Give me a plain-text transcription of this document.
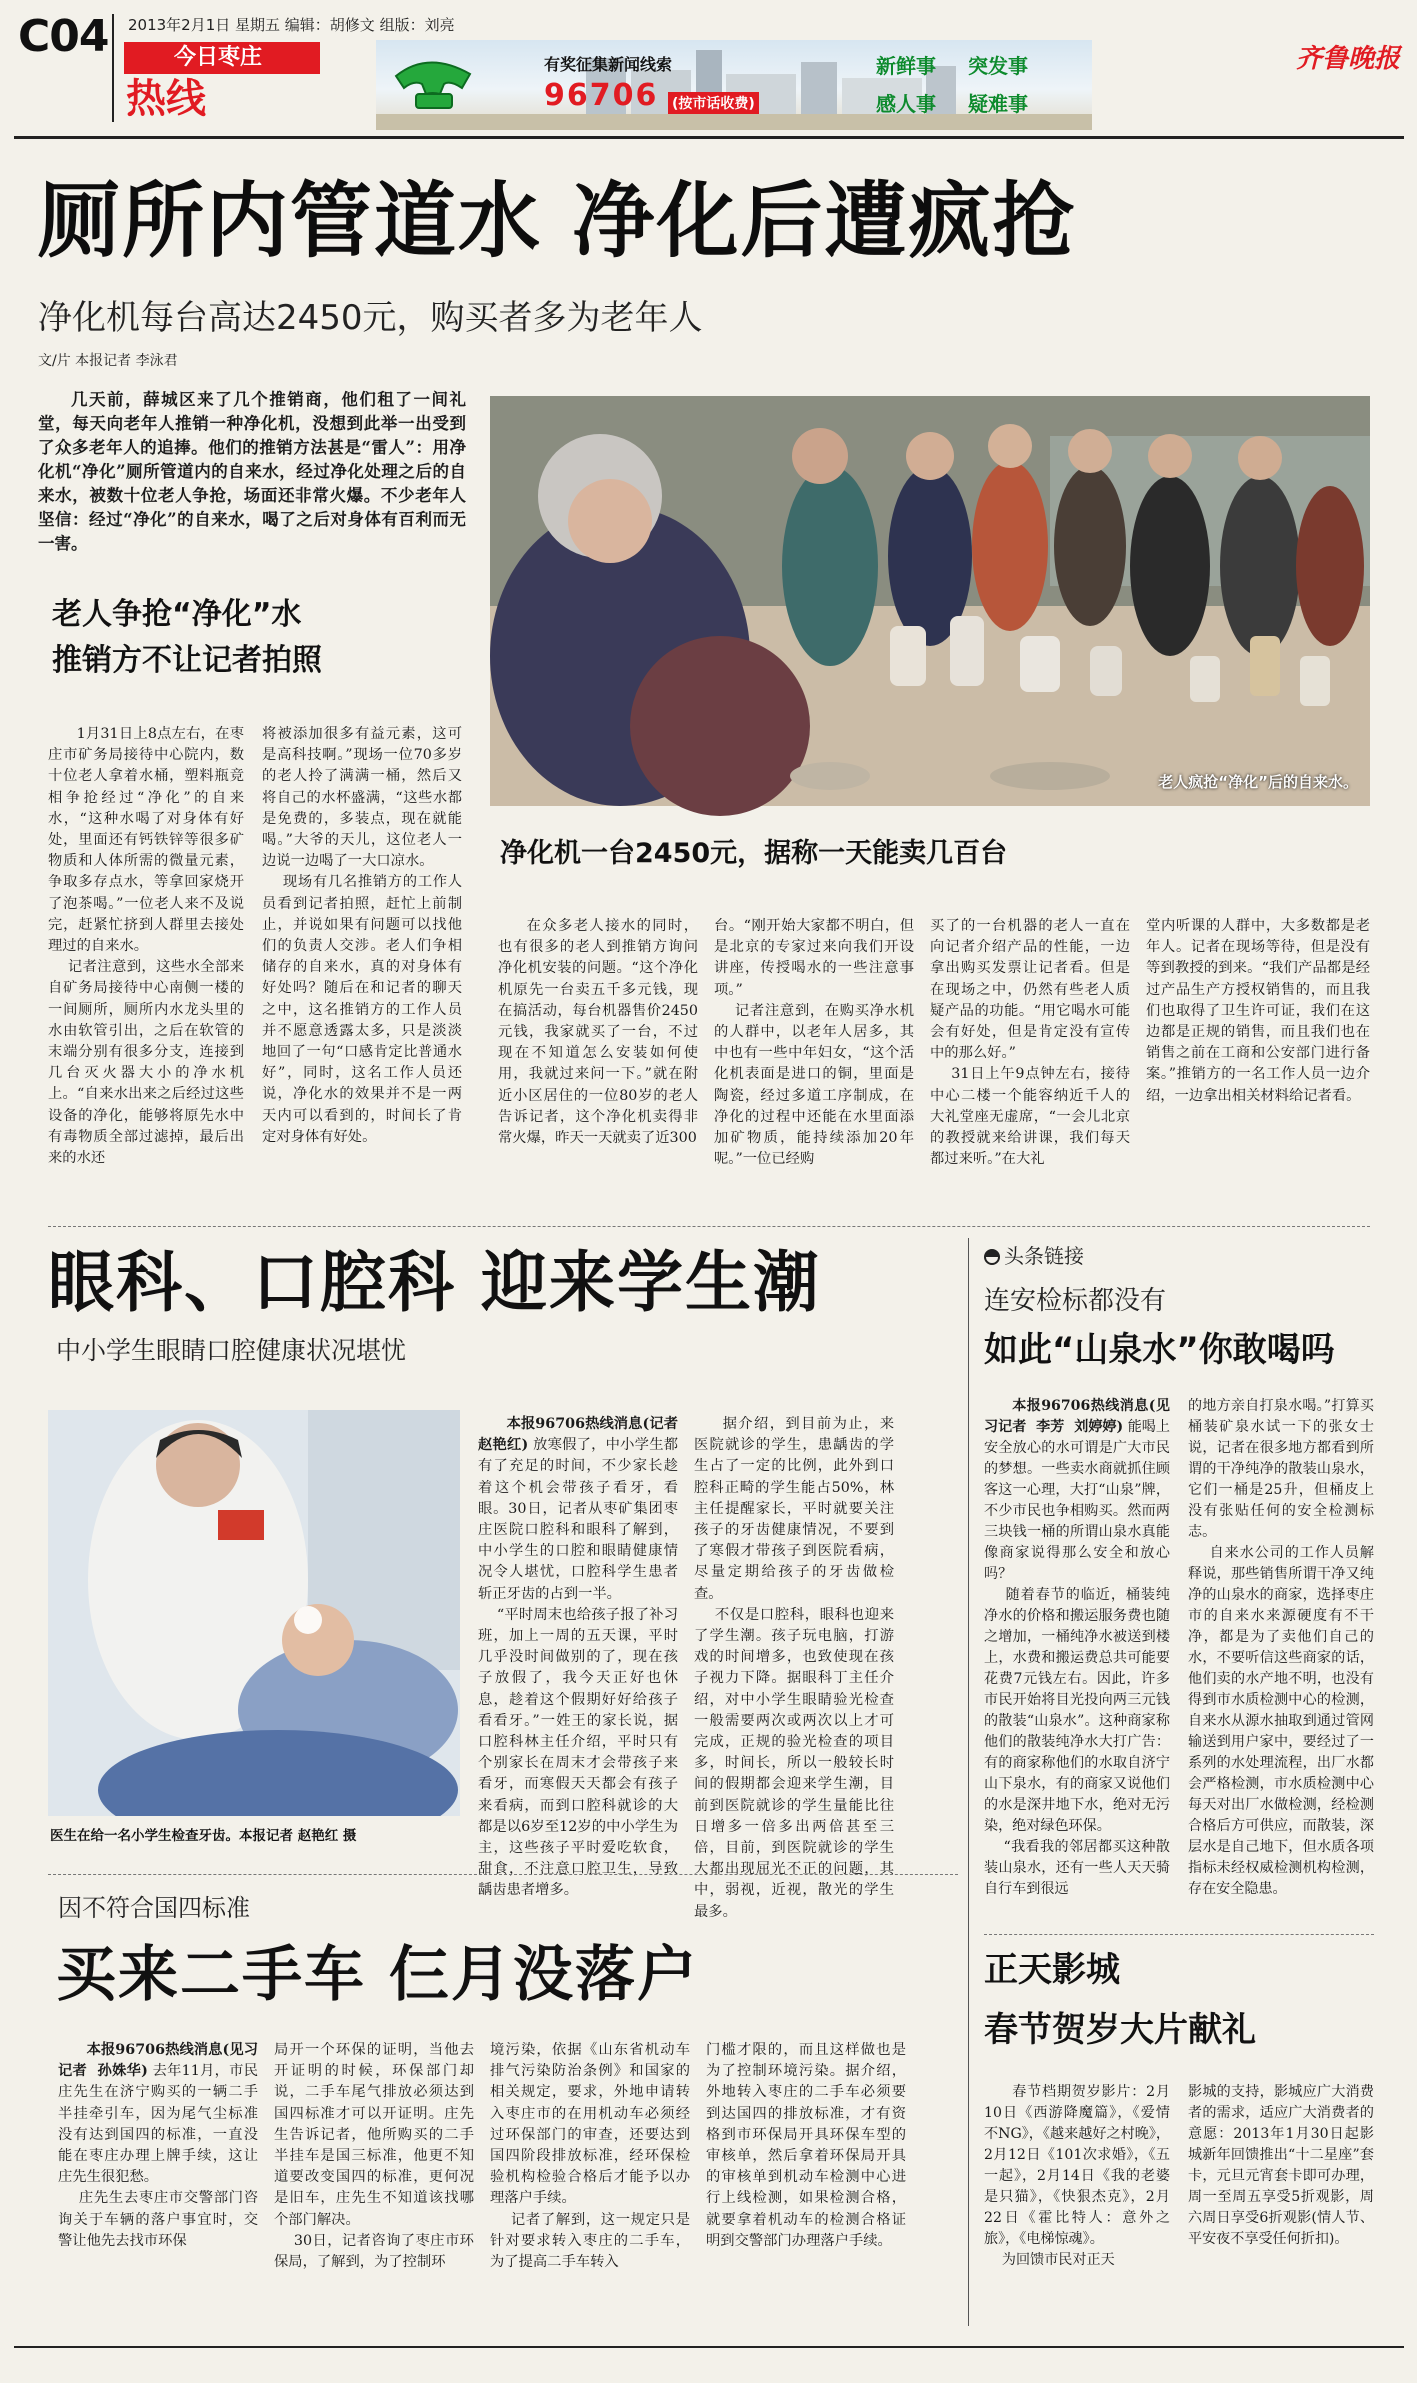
C04 2013年2月1日 星期五 编辑：胡修文 组版：刘亮
今日枣庄
热线
有奖征集新闻线索
96706 (按市话收费)
新鲜事 突发事
感人事 疑难事
齐鲁晚报
厕所内管道水 净化后遭疯抢
净化机每台高达2450元，购买者多为老年人
文/片 本报记者 李泳君
几天前，薛城区来了几个推销商，他们租了一间礼堂，每天向老年人推销一种净化机，没想到此举一出受到了众多老年人的追捧。他们的推销方法甚是“雷人”：用净化机“净化”厕所管道内的自来水，经过净化处理之后的自来水，被数十位老人争抢，场面还非常火爆。不少老年人坚信：经过“净化”的自来水，喝了之后对身体有百利而无一害。
老人争抢“净化”水
推销方不让记者拍照
1月31日上8点左右，在枣庄市矿务局接待中心院内，数十位老人拿着水桶，塑料瓶竞相争抢经过“净化”的自来水，“这种水喝了对身体有好处，里面还有钙铁锌等很多矿物质和人体所需的微量元素，争取多存点水，等拿回家烧开了泡茶喝。”一位老人来不及说完，赶紧忙挤到人群里去接处理过的自来水。
记者注意到，这些水全部来自矿务局接待中心南侧一楼的一间厕所，厕所内水龙头里的水由软管引出，之后在软管的末端分别有很多分支，连接到几台灭火器大小的净水机上。“自来水出来之后经过这些设备的净化，能够将原先水中有毒物质全部过滤掉，最后出来的水还
将被添加很多有益元素，这可是高科技啊。”现场一位70多岁的老人拎了满满一桶，然后又将自己的水杯盛满，“这些水都是免费的，多装点，现在就能喝。”大爷的天儿，这位老人一边说一边喝了一大口凉水。
现场有几名推销方的工作人员看到记者拍照，赶忙上前制止，并说如果有问题可以找他们的负责人交涉。老人们争相储存的自来水，真的对身体有好处吗？随后在和记者的聊天之中，这名推销方的工作人员并不愿意透露太多，只是淡淡地回了一句“口感肯定比普通水好”，同时，这名工作人员还说，净化水的效果并不是一两天内可以看到的，时间长了肯定对身体有好处。
老人疯抢“净化”后的自来水。
净化机一台2450元，据称一天能卖几百台
在众多老人接水的同时，也有很多的老人到推销方询问净化机安装的问题。“这个净化机原先一台卖五千多元钱，现在搞活动，每台机器售价2450元钱，我家就买了一台，不过现在不知道怎么安装如何使用，我就过来问一下。”就在附近小区居住的一位80岁的老人告诉记者，这个净化机卖得非常火爆，昨天一天就卖了近300
台。“刚开始大家都不明白，但是北京的专家过来向我们开设讲座，传授喝水的一些注意事项。”
记者注意到，在购买净水机的人群中，以老年人居多，其中也有一些中年妇女，“这个活化机表面是进口的铜，里面是陶瓷，经过多道工序制成，在净化的过程中还能在水里面添加矿物质，能持续添加20年呢。”一位已经购
买了的一台机器的老人一直在向记者介绍产品的性能，一边拿出购买发票让记者看。但是在现场之中，仍然有些老人质疑产品的功能。“用它喝水可能会有好处，但是肯定没有宣传中的那么好。”
31日上午9点钟左右，接待中心二楼一个能容纳近千人的大礼堂座无虚席，“一会儿北京的教授就来给讲课，我们每天都过来听。”在大礼
堂内听课的人群中，大多数都是老年人。记者在现场等待，但是没有等到教授的到来。“我们产品都是经过产品生产方授权销售的，而且我们也取得了卫生许可证，我们在这边都是正规的销售，而且我们也在销售之前在工商和公安部门进行备案。”推销方的一名工作人员一边介绍，一边拿出相关材料给记者看。
眼科、口腔科 迎来学生潮
中小学生眼睛口腔健康状况堪忧
医生在给一名小学生检查牙齿。本报记者 赵艳红 摄
本报96706热线消息(记者 赵艳红) 放寒假了，中小学生都有了充足的时间，不少家长趁着这个机会带孩子看牙，看眼。30日，记者从枣矿集团枣庄医院口腔科和眼科了解到，中小学生的口腔和眼睛健康情况令人堪忧，口腔科学生患者斩正牙齿的占到一半。
“平时周末也给孩子报了补习班，加上一周的五天课，平时几乎没时间做别的了，现在孩子放假了，我今天正好也休息，趁着这个假期好好给孩子看看牙。”一姓王的家长说，据口腔科林主任介绍，平时只有个别家长在周末才会带孩子来看牙，而寒假天天都会有孩子来看病，而到口腔科就诊的大都是以6岁至12岁的中小学生为主，这些孩子平时爱吃软食，甜食，不注意口腔卫生，导致龋齿患者增多。
据介绍，到目前为止，来医院就诊的学生，患龋齿的学生占了一定的比例，此外到口腔科正畸的学生能占50%，林主任提醒家长，平时就要关注孩子的牙齿健康情况，不要到了寒假才带孩子到医院看病，尽量定期给孩子的牙齿做检查。
不仅是口腔科，眼科也迎来了学生潮。孩子玩电脑，打游戏的时间增多，也致使现在孩子视力下降。据眼科丁主任介绍，对中小学生眼睛验光检查一般需要两次或两次以上才可完成，正规的验光检查的项目多，时间长，所以一般较长时间的假期都会迎来学生潮，目前到医院就诊的学生量能比往日增多一倍多出两倍甚至三倍，目前，到医院就诊的学生大都出现屈光不正的问题，其中，弱视，近视，散光的学生最多。
因不符合国四标准
买来二手车 仨月没落户
本报96706热线消息(见习记者  孙姝华) 去年11月，市民庄先生在济宁购买的一辆二手半挂牵引车，因为尾气尘标准没有达到国四的标准，一直没能在枣庄办理上牌手续，这让庄先生很犯愁。
庄先生去枣庄市交警部门咨询关于车辆的落户事宜时，交警让他先去找市环保
局开一个环保的证明，当他去开证明的时候，环保部门却说，二手车尾气排放必须达到国四标准才可以开证明。庄先生告诉记者，他所购买的二手半挂车是国三标准，他更不知道要改变国四的标准，更何况是旧车，庄先生不知道该找哪个部门解决。
30日，记者咨询了枣庄市环保局，了解到，为了控制环
境污染，依据《山东省机动车排气污染防治条例》和国家的相关规定，要求，外地申请转入枣庄市的在用机动车必须经过环保部门的审查，还要达到国四阶段排放标准，经环保检验机构检验合格后才能予以办理落户手续。
记者了解到，这一规定只是针对要求转入枣庄的二手车，为了提高二手车转入
门槛才限的，而且这样做也是为了控制环境污染。据介绍，外地转入枣庄的二手车必须要到达国四的排放标准，才有资格到市环保局开具环保车型的审核单，然后拿着环保局开具的审核单到机动车检测中心进行上线检测，如果检测合格，就要拿着机动车的检测合格证明到交警部门办理落户手续。
头条链接
连安检标都没有
如此“山泉水”你敢喝吗
本报96706热线消息(见习记者  李芳  刘婷婷) 能喝上安全放心的水可谓是广大市民的梦想。一些卖水商就抓住顾客这一心理，大打“山泉”牌，不少市民也争相购买。然而两三块钱一桶的所谓山泉水真能像商家说得那么安全和放心吗？
随着春节的临近，桶装纯净水的价格和搬运服务费也随之增加，一桶纯净水被送到楼上，水费和搬运费总共可能要花费7元钱左右。因此，许多市民开始将目光投向两三元钱的散装“山泉水”。这种商家称他们的散装纯净水大打广告：有的商家称他们的水取自济宁山下泉水，有的商家又说他们的水是深井地下水，绝对无污染，绝对绿色环保。
“我看我的邻居都买这种散装山泉水，还有一些人天天骑自行车到很远
的地方亲自打泉水喝。”打算买桶装矿泉水试一下的张女士说，记者在很多地方都看到所谓的干净纯净的散装山泉水，它们一桶是25升，但桶皮上没有张贴任何的安全检测标志。
自来水公司的工作人员解释说，那些销售所谓干净又纯净的山泉水的商家，选择枣庄市的自来水来源硬度有不干净，都是为了卖他们自己的水，不要听信这些商家的话，他们卖的水产地不明，也没有得到市水质检测中心的检测，自来水从源水抽取到通过管网输送到用户家中，要经过了一系列的水处理流程，出厂水都会严格检测，市水质检测中心每天对出厂水做检测，经检测合格后方可供应，而散装，深层水是自己地下，但水质各项指标未经权威检测机构检测，存在安全隐患。
正天影城
春节贺岁大片献礼
春节档期贺岁影片：2月10日《西游降魔篇》，《爱情不NG》，《越来越好之村晚》，2月12日《101次求婚》，《五一起》，2月14日《我的老婆是只猫》，《快狠杰克》，2月22日《霍比特人：意外之旅》，《电梯惊魂》。
为回馈市民对正天
影城的支持，影城应广大消费者的需求，适应广大消费者的意愿：2013年1月30日起影城新年回馈推出“十二星座”套卡，元旦元宵套卡即可办理，周一至周五享受5折观影，周六周日享受6折观影(情人节、平安夜不享受任何折扣)。
